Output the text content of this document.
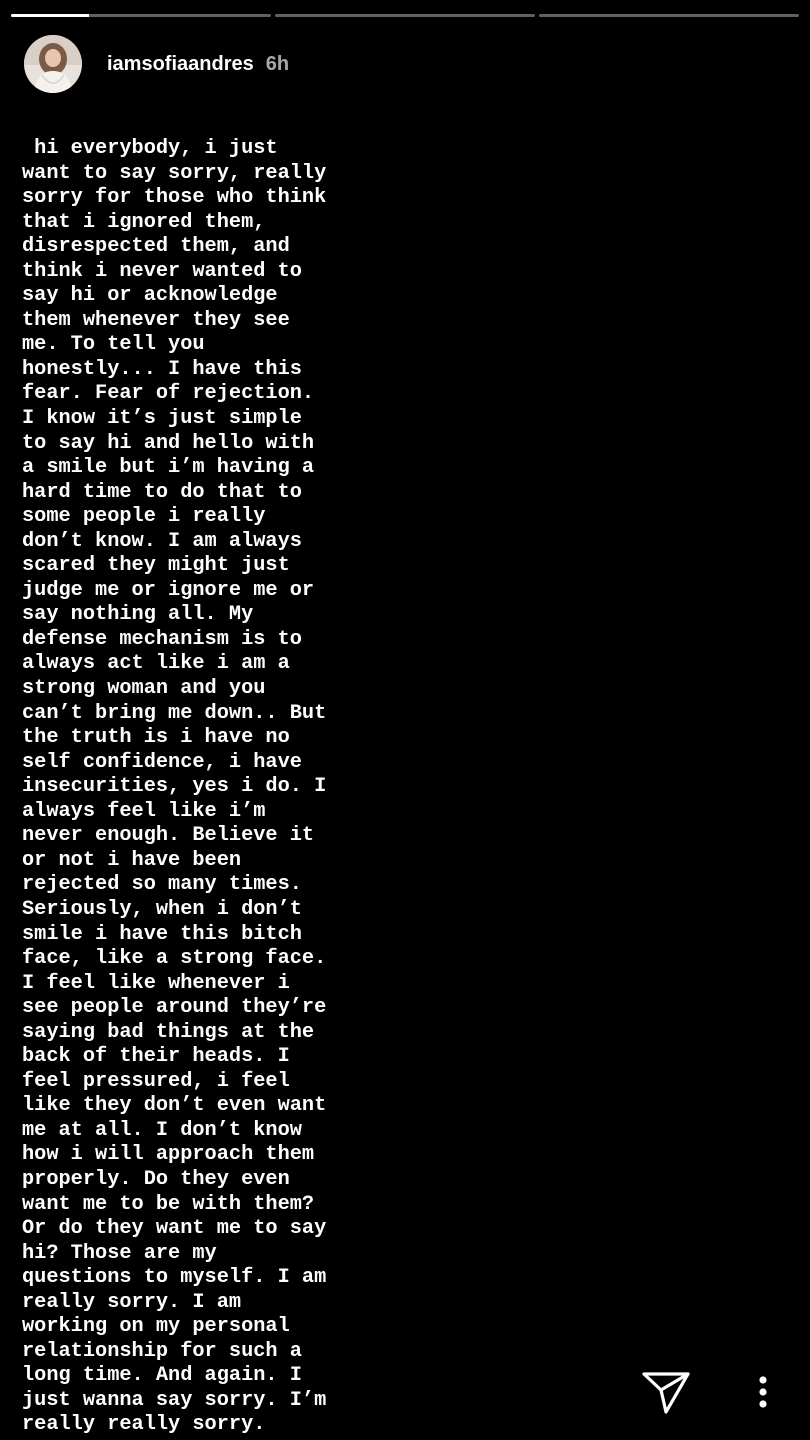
iamsofiaandres 6h
hi everybody, i just
want to say sorry, really
sorry for those who think
that i ignored them,
disrespected them, and
think i never wanted to
say hi or acknowledge
them whenever they see
me. To tell you
honestly... I have this
fear. Fear of rejection.
I know it’s just simple
to say hi and hello with
a smile but i’m having a
hard time to do that to
some people i really
don’t know. I am always
scared they might just
judge me or ignore me or
say nothing all. My
defense mechanism is to
always act like i am a
strong woman and you
can’t bring me down.. But
the truth is i have no
self confidence, i have
insecurities, yes i do. I
always feel like i’m
never enough. Believe it
or not i have been
rejected so many times.
Seriously, when i don’t
smile i have this bitch
face, like a strong face.
I feel like whenever i
see people around they’re
saying bad things at the
back of their heads. I
feel pressured, i feel
like they don’t even want
me at all. I don’t know
how i will approach them
properly. Do they even
want me to be with them?
Or do they want me to say
hi? Those are my
questions to myself. I am
really sorry. I am
working on my personal
relationship for such a
long time. And again. I
just wanna say sorry. I’m
really really sorry.
